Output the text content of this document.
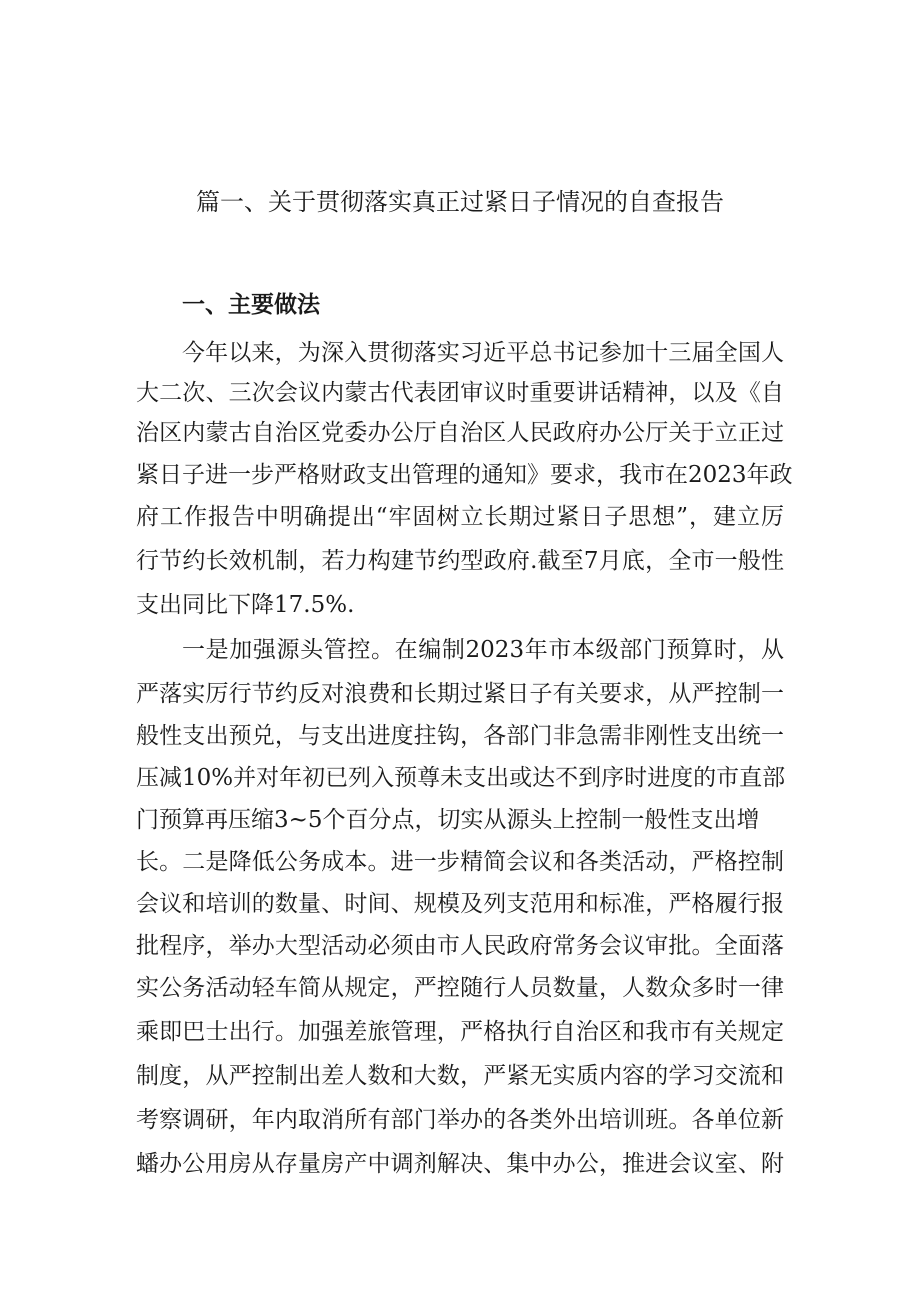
篇一、关于贯彻落实真正过紧日子情况的自查报告
一、主要做法

今年以来，为深入贯彻落实习近平总书记参加十三届全国人

大二次、三次会议内蒙古代表团审议时重要讲话精神，以及《自

治区内蒙古自治区党委办公厅自治区人民政府办公厅关于立正过

紧日子进一步严格财政支出管理的通知》要求，我市在2023年政

府工作报告中明确提出“牢固树立长期过紧日子思想”，建立厉

行节约长效机制，若力构建节约型政府.截至7月底，全市一般性

支出同比下降17.5%.

一是加强源头管控。在编制2023年市本级部门预算时，从

严落实厉行节约反对浪费和长期过紧日子有关要求，从严控制一

般性支出预兑，与支出进度拄钩，各部门非急需非刚性支出统一

压减10%并对年初已列入预尊未支出或达不到序时进度的市直部

门预算再压缩3~5个百分点，切实从源头上控制一般性支出增

长。二是降低公务成本。进一步精简会议和各类活动，严格控制

会议和培训的数量、时间、规模及列支范用和标准，严格履行报

批程序，举办大型活动必须由市人民政府常务会议审批。全面落

实公务活动轻车简从规定，严控随行人员数量，人数众多时一律

乘即巴士出行。加强差旅管理，严格执行自治区和我市有关规定

制度，从严控制出差人数和大数，严紧无实质内容的学习交流和

考察调研，年内取消所有部门举办的各类外出培训班。各单位新

蟠办公用房从存量房产中调剂解决、集中办公，推进会议室、附
